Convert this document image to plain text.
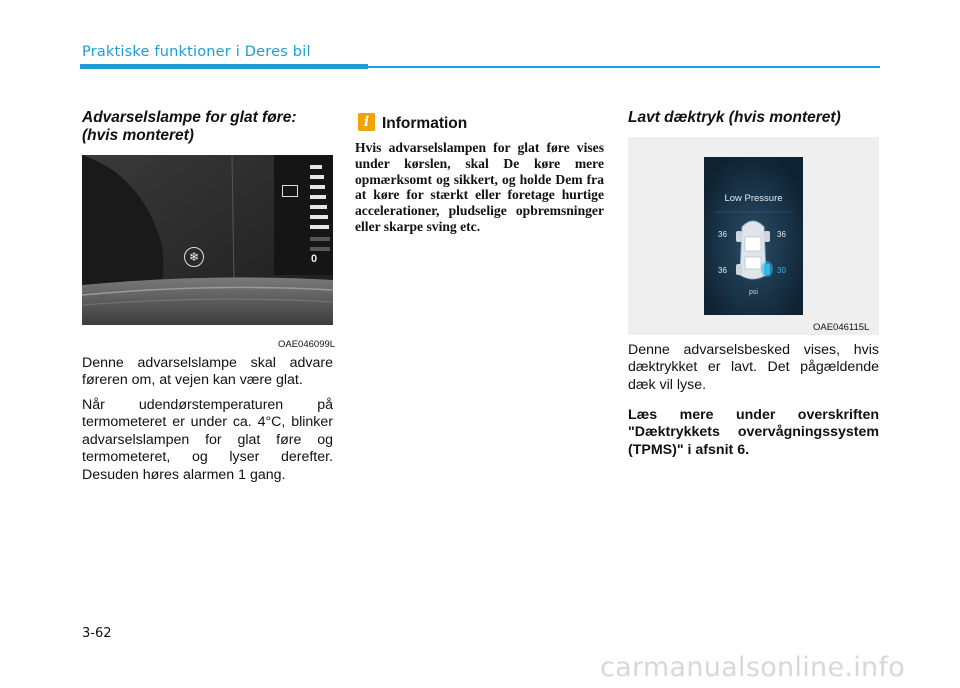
Praktiske funktioner i Deres bil
Advarselslampe for glat føre:
(hvis monteret)
❄	0
OAE046099L

Denne advarselslampe skal advare føreren om, at vejen kan være glat.

Når udendørstemperaturen på termometeret er under ca. 4°C, blinker advarselslampen for glat føre og termometeret, og lyser derefter. Desuden høres alarmen 1 gang.

i Information

Hvis advarselslampen for glat føre vises under kørslen, skal De køre mere opmærksomt og sikkert, og holde Dem fra at køre for stærkt eller foretage hurtige accelerationer, pludselige opbremsninger eller skarpe sving etc.

Lavt dæktryk (hvis monteret)
Low Pressure
36	36
36	30
psi
OAE046115L

Denne advarselsbesked vises, hvis dæktrykket er lavt. Det pågældende dæk vil lyse.

Læs mere under overskriften "Dæktrykkets overvågningssystem (TPMS)" i afsnit 6.

3-62
carmanualsonline.info
